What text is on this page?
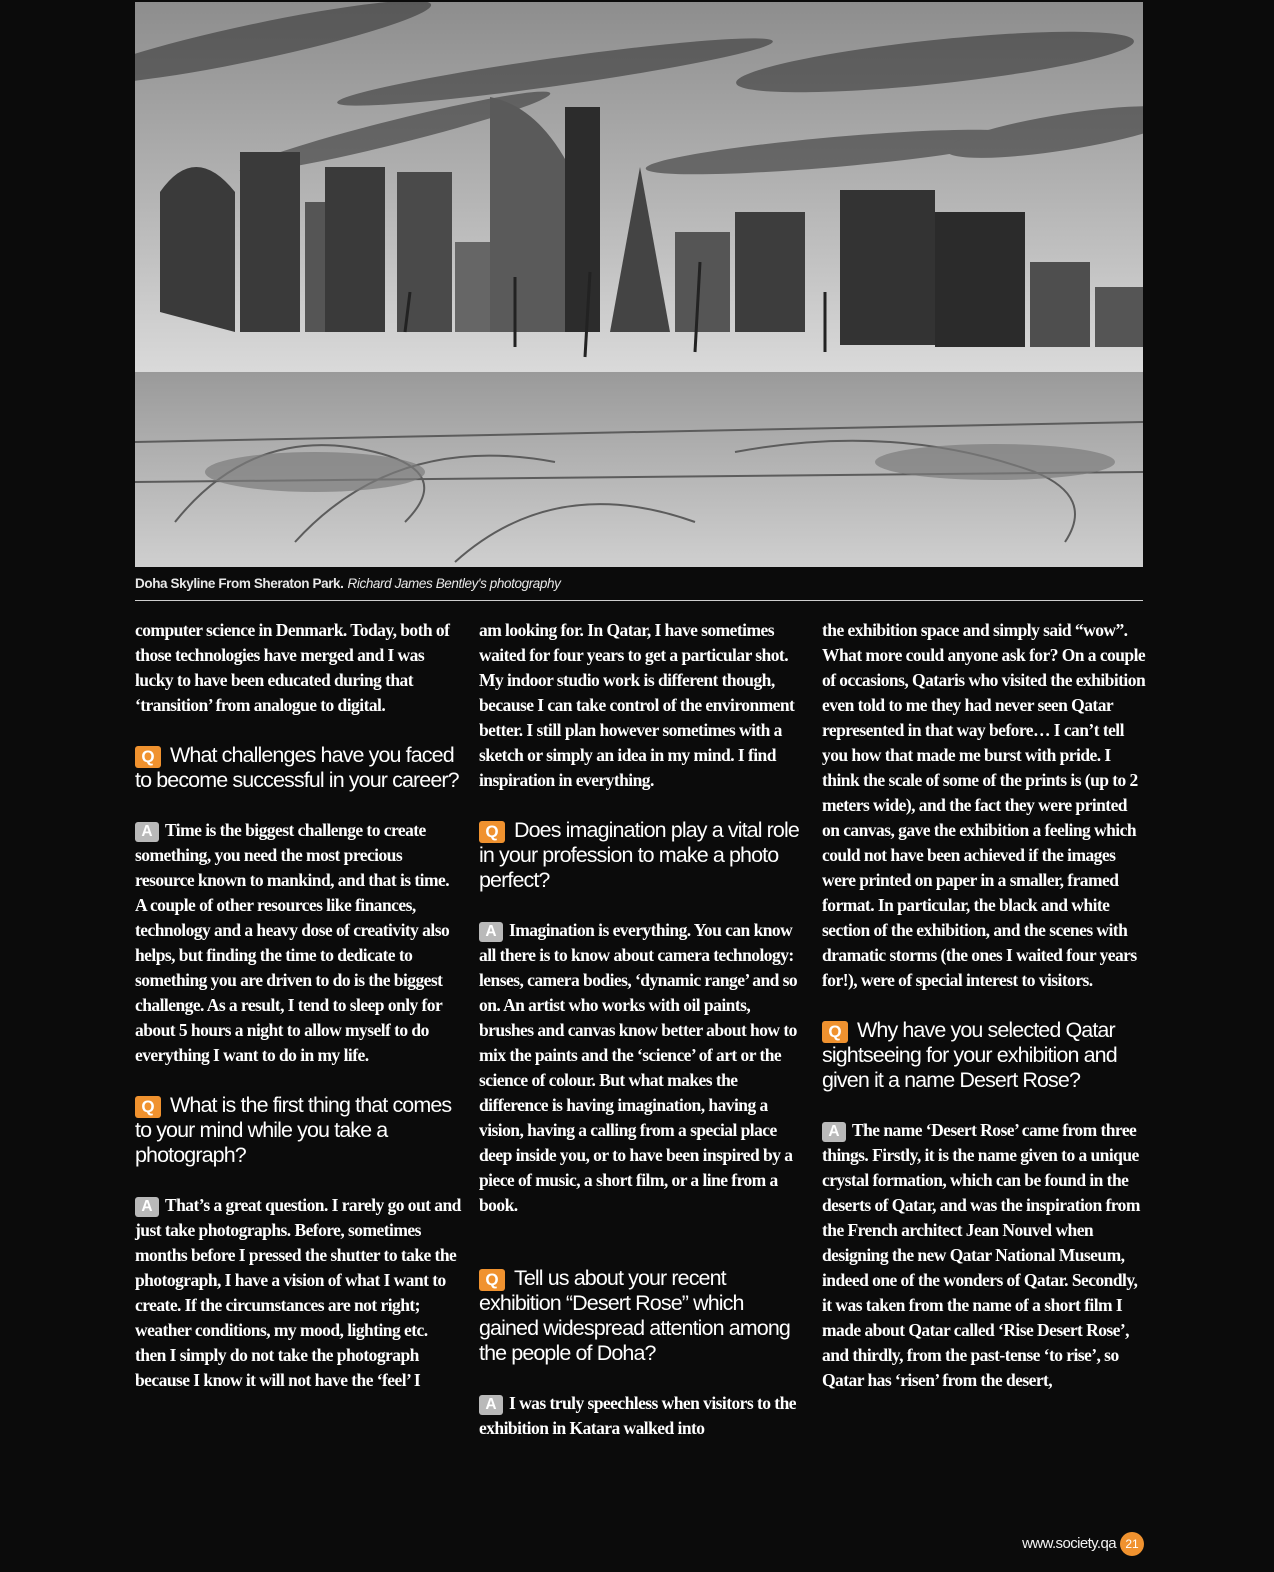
Doha Skyline From Sheraton Park. Richard James Bentley's photography

computer science in Denmark. Today, both of those technologies have merged and I was lucky to have been educated during that ‘transition’ from analogue to digital.

Q What challenges have you faced to become successful in your career?

A Time is the biggest challenge to create something, you need the most precious resource known to mankind, and that is time. A couple of other resources like finances, technology and a heavy dose of creativity also helps, but finding the time to dedicate to something you are driven to do is the biggest challenge. As a result, I tend to sleep only for about 5 hours a night to allow myself to do everything I want to do in my life.

Q What is the first thing that comes to your mind while you take a photograph?

A That’s a great question. I rarely go out and just take photographs. Before, sometimes months before I pressed the shutter to take the photograph, I have a vision of what I want to create. If the circumstances are not right; weather conditions, my mood, lighting etc. then I simply do not take the photograph because I know it will not have the ‘feel’ I

am looking for. In Qatar, I have sometimes waited for four years to get a particular shot. My indoor studio work is different though, because I can take control of the environment better. I still plan however sometimes with a sketch or simply an idea in my mind. I find inspiration in everything.

Q Does imagination play a vital role in your profession to make a photo perfect?

A Imagination is everything. You can know all there is to know about camera technology: lenses, camera bodies, ‘dynamic range’ and so on. An artist who works with oil paints, brushes and canvas know better about how to mix the paints and the ‘science’ of art or the science of colour. But what makes the difference is having imagination, having a vision, having a calling from a special place deep inside you, or to have been inspired by a piece of music, a short film, or a line from a book.

Q Tell us about your recent exhibition “Desert Rose” which gained widespread attention among the people of Doha?

A I was truly speechless when visitors to the exhibition in Katara walked into

the exhibition space and simply said “wow”. What more could anyone ask for? On a couple of occasions, Qataris who visited the exhibition even told to me they had never seen Qatar represented in that way before… I can’t tell you how that made me burst with pride. I think the scale of some of the prints is (up to 2 meters wide), and the fact they were printed on canvas, gave the exhibition a feeling which could not have been achieved if the images were printed on paper in a smaller, framed format. In particular, the black and white section of the exhibition, and the scenes with dramatic storms (the ones I waited four years for!), were of special interest to visitors.

Q Why have you selected Qatar sightseeing for your exhibition and given it a name Desert Rose?

A The name ‘Desert Rose’ came from three things. Firstly, it is the name given to a unique crystal formation, which can be found in the deserts of Qatar, and was the inspiration from the French architect Jean Nouvel when designing the new Qatar National Museum, indeed one of the wonders of Qatar. Secondly, it was taken from the name of a short film I made about Qatar called ‘Rise Desert Rose’, and thirdly, from the past-tense ‘to rise’, so Qatar has ‘risen’ from the desert,

www.society.qa 21
